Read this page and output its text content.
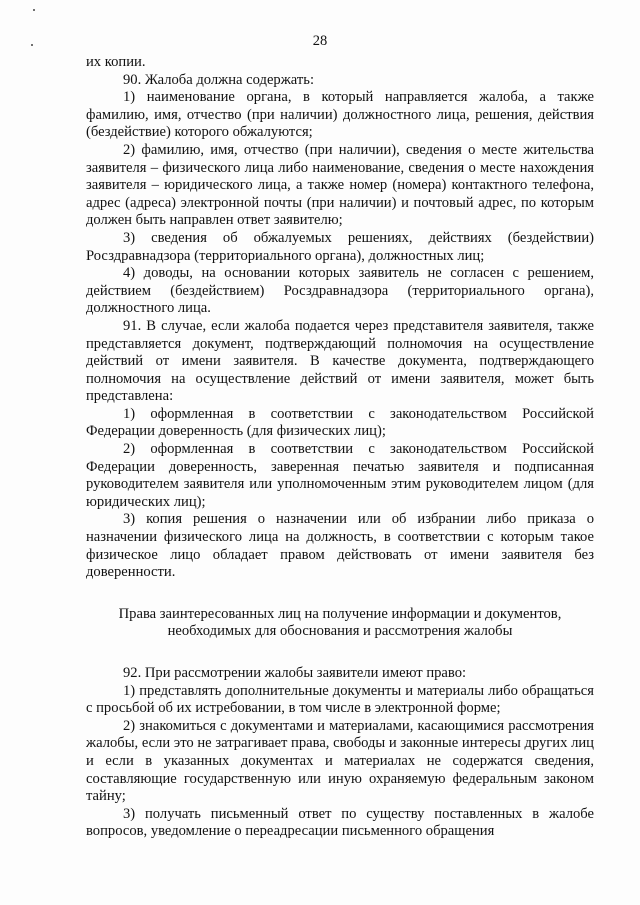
28

их копии.

90. Жалоба должна содержать:

1) наименование органа, в который направляется жалоба, а также фамилию, имя, отчество (при наличии) должностного лица, решения, действия (бездействие) которого обжалуются;

2) фамилию, имя, отчество (при наличии), сведения о месте жительства заявителя – физического лица либо наименование, сведения о месте нахождения заявителя – юридического лица, а также номер (номера) контактного телефона, адрес (адреса) электронной почты (при наличии) и почтовый адрес, по которым должен быть направлен ответ заявителю;

3) сведения об обжалуемых решениях, действиях (бездействии) Росздравнадзора (территориального органа), должностных лиц;

4) доводы, на основании которых заявитель не согласен с решением, действием (бездействием) Росздравнадзора (территориального органа), должностного лица.

91. В случае, если жалоба подается через представителя заявителя, также представляется документ, подтверждающий полномочия на осуществление действий от имени заявителя. В качестве документа, подтверждающего полномочия на осуществление действий от имени заявителя, может быть представлена:

1) оформленная в соответствии с законодательством Российской Федерации доверенность (для физических лиц);

2) оформленная в соответствии с законодательством Российской Федерации доверенность, заверенная печатью заявителя и подписанная руководителем заявителя или уполномоченным этим руководителем лицом (для юридических лиц);

3) копия решения о назначении или об избрании либо приказа о назначении физического лица на должность, в соответствии с которым такое физическое лицо обладает правом действовать от имени заявителя без доверенности.

Права заинтересованных лиц на получение информации и документов,
необходимых для обоснования и рассмотрения жалобы

92. При рассмотрении жалобы заявители имеют право:

1) представлять дополнительные документы и материалы либо обращаться с просьбой об их истребовании, в том числе в электронной форме;

2) знакомиться с документами и материалами, касающимися рассмотрения жалобы, если это не затрагивает права, свободы и законные интересы других лиц и если в указанных документах и материалах не содержатся сведения, составляющие государственную или иную охраняемую федеральным законом тайну;

3) получать письменный ответ по существу поставленных в жалобе вопросов, уведомление о переадресации письменного обращения
